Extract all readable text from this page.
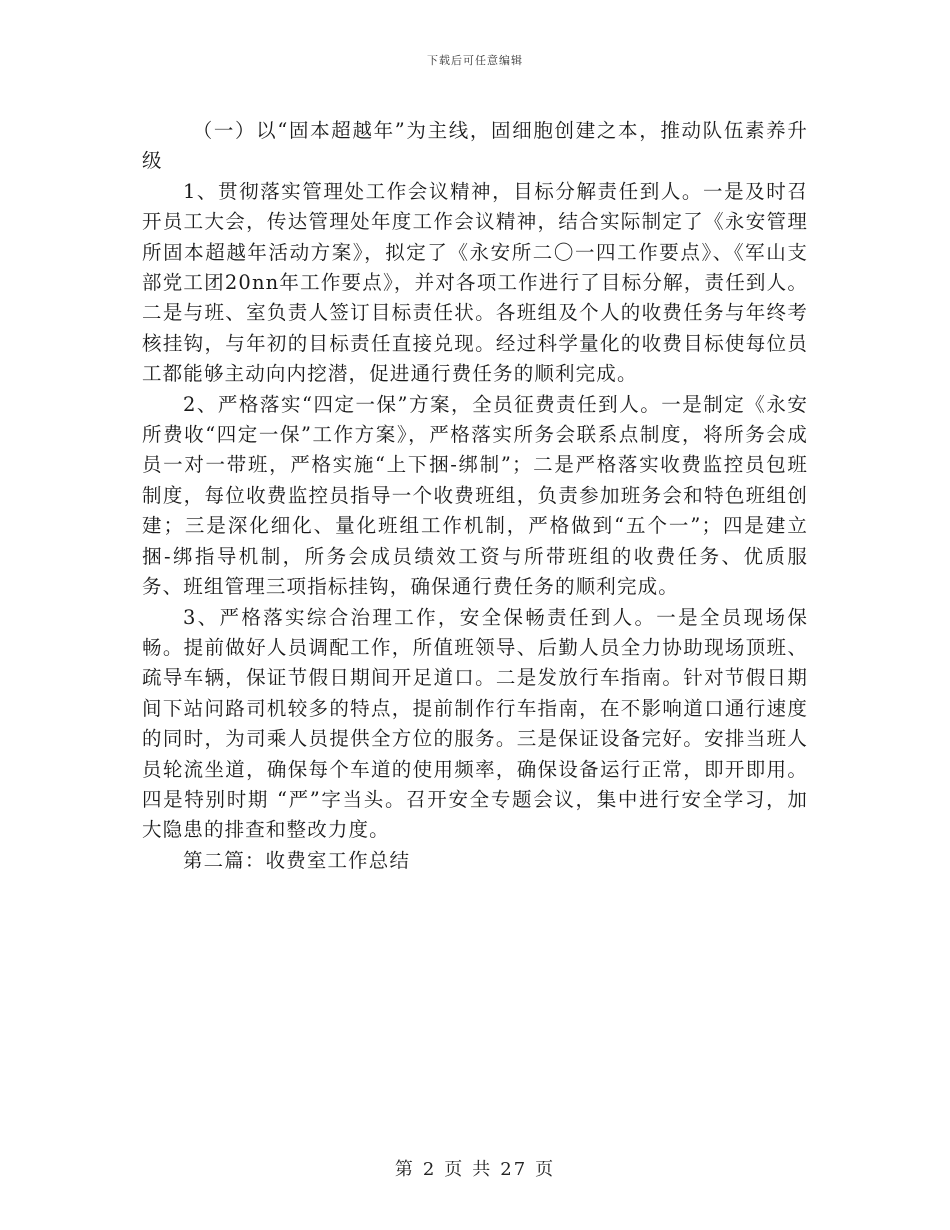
下载后可任意编辑

（一）以“固本超越年”为主线，固细胞创建之本，推动队伍素养升级

1、贯彻落实管理处工作会议精神，目标分解责任到人。一是及时召开员工大会，传达管理处年度工作会议精神，结合实际制定了《永安管理所固本超越年活动方案》，拟定了《永安所二〇一四工作要点》、《军山支部党工团20nn年工作要点》，并对各项工作进行了目标分解，责任到人。二是与班、室负责人签订目标责任状。各班组及个人的收费任务与年终考核挂钩，与年初的目标责任直接兑现。经过科学量化的收费目标使每位员工都能够主动向内挖潜，促进通行费任务的顺利完成。

2、严格落实“四定一保”方案，全员征费责任到人。一是制定《永安所费收“四定一保”工作方案》，严格落实所务会联系点制度，将所务会成员一对一带班，严格实施“上下捆-绑制”；二是严格落实收费监控员包班制度，每位收费监控员指导一个收费班组，负责参加班务会和特色班组创建；三是深化细化、量化班组工作机制，严格做到“五个一”；四是建立捆-绑指导机制，所务会成员绩效工资与所带班组的收费任务、优质服务、班组管理三项指标挂钩，确保通行费任务的顺利完成。

3、严格落实综合治理工作，安全保畅责任到人。一是全员现场保畅。提前做好人员调配工作，所值班领导、后勤人员全力协助现场顶班、疏导车辆，保证节假日期间开足道口。二是发放行车指南。针对节假日期间下站问路司机较多的特点，提前制作行车指南，在不影响道口通行速度的同时，为司乘人员提供全方位的服务。三是保证设备完好。安排当班人员轮流坐道，确保每个车道的使用频率，确保设备运行正常，即开即用。四是特别时期 “严”字当头。召开安全专题会议，集中进行安全学习，加大隐患的排查和整改力度。

第二篇：收费室工作总结

第 2 页 共 27 页
